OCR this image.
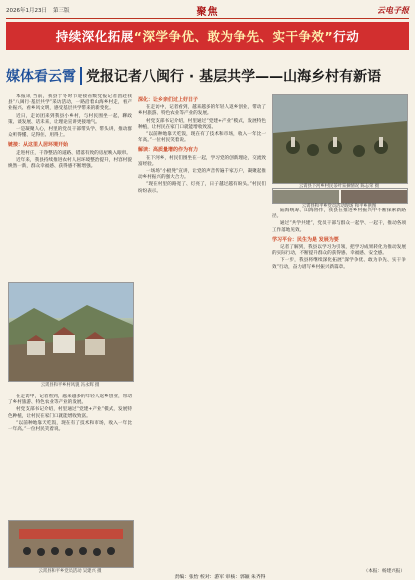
2026年1月23日 第三版	聚焦	云电子报
持续深化拓展 “深学争优、敢为争先、实干争效” 行动
媒体看云霄 党报记者八闽行 · 基层共学——山海乡村有新语

本报讯 当前，我县于冬时节迎接省级党报记者团赴我县“八闽行·基层共学”采访活动，一路沿着山海乡村走，看产业振兴、看乡风文明，感受基层共学带来的新变化。

近日，走访团来到我县小乡村，与村民围坐一起，聊政策、谈发展、话未来，让理论宣讲更接地气。

一是凝聚人心，村里的党员干部带头学、带头讲，推动群众听得懂、记得住、用得上。

链接：从这里人居环境开始

走进村庄，干净整洁的道路、错落有致的房屋映入眼帘。

近年来，我县持续推进农村人居环境整治提升，村容村貌焕然一新，群众幸福感、获得感不断增强。

云霄县和平乡村风貌 冯永辉 摄

在走访中，记者看到，越来越多的年轻人返乡创业，带动了乡村旅游、特色农业等产业的发展。

村党支部书记介绍，村里通过“党建+产业”模式，发展特色种植，让村民在家门口就能增收致富。

“以前种地靠天吃饭，现在有了技术和市场，收入一年比一年高。”一位村民笑着说。

云霄县和平乡党员活动 吴建兴 摄

深化：让乡亲们过上好日子

在走访中，记者看到，越来越多的年轻人返乡创业，带动了乡村旅游、特色农业等产业的发展。

村党支部书记介绍，村里通过“党建+产业”模式，发展特色种植，让村民在家门口就能增收致富。

“以前种地靠天吃饭，现在有了技术和市场，收入一年比一年高。”一位村民笑着说。

解读：高质量增的作为有力

在下河乡，村民们围坐在一起，学习党的创新理论，交流致富经验。

一场场“小板凳”宣讲，让党的声音传遍千家万户，凝聚起推动乡村振兴的强大合力。

“现在村里的路宽了、灯亮了，日子越过越有盼头。”村民们纷纷表示。

云霄县下河乡村民茶叶采摘情况 陈志荣 摄

陆海统筹、山海协作，我县在推进乡村振兴中不断探索新路径。

通过“共学共建”，党员干部与群众一起学、一起干，推动各项工作落地见效。

学习平台：民生为是 发展为要

记者了解到，我县以学习为引领，把学习成果转化为推动发展的实际行动，不断提升群众的获得感、幸福感、安全感。

下一步，我县将继续深化拓展“深学争优、敢为争先、实干争效”行动，奋力谱写乡村振兴新篇章。

云霄县和平乡党员活动现场 和平乡供图
（本报：杨建兴报）
责编：张怡 校对：游军 审核：郭颖 朱齐得
